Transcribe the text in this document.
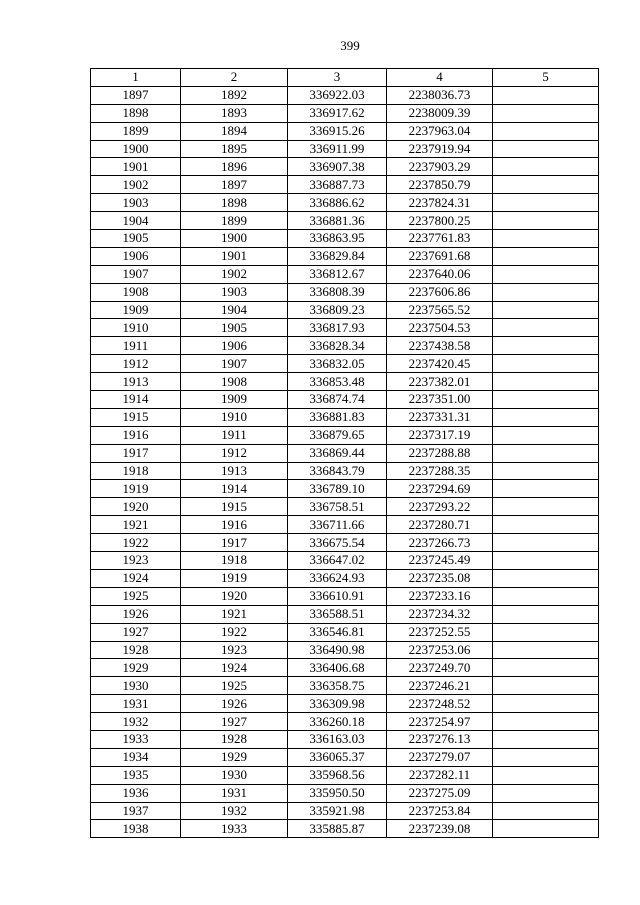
399
1	2	3	4	5
1897	1892	336922.03	2238036.73	
1898	1893	336917.62	2238009.39	
1899	1894	336915.26	2237963.04	
1900	1895	336911.99	2237919.94	
1901	1896	336907.38	2237903.29	
1902	1897	336887.73	2237850.79	
1903	1898	336886.62	2237824.31	
1904	1899	336881.36	2237800.25	
1905	1900	336863.95	2237761.83	
1906	1901	336829.84	2237691.68	
1907	1902	336812.67	2237640.06	
1908	1903	336808.39	2237606.86	
1909	1904	336809.23	2237565.52	
1910	1905	336817.93	2237504.53	
1911	1906	336828.34	2237438.58	
1912	1907	336832.05	2237420.45	
1913	1908	336853.48	2237382.01	
1914	1909	336874.74	2237351.00	
1915	1910	336881.83	2237331.31	
1916	1911	336879.65	2237317.19	
1917	1912	336869.44	2237288.88	
1918	1913	336843.79	2237288.35	
1919	1914	336789.10	2237294.69	
1920	1915	336758.51	2237293.22	
1921	1916	336711.66	2237280.71	
1922	1917	336675.54	2237266.73	
1923	1918	336647.02	2237245.49	
1924	1919	336624.93	2237235.08	
1925	1920	336610.91	2237233.16	
1926	1921	336588.51	2237234.32	
1927	1922	336546.81	2237252.55	
1928	1923	336490.98	2237253.06	
1929	1924	336406.68	2237249.70	
1930	1925	336358.75	2237246.21	
1931	1926	336309.98	2237248.52	
1932	1927	336260.18	2237254.97	
1933	1928	336163.03	2237276.13	
1934	1929	336065.37	2237279.07	
1935	1930	335968.56	2237282.11	
1936	1931	335950.50	2237275.09	
1937	1932	335921.98	2237253.84	
1938	1933	335885.87	2237239.08	
